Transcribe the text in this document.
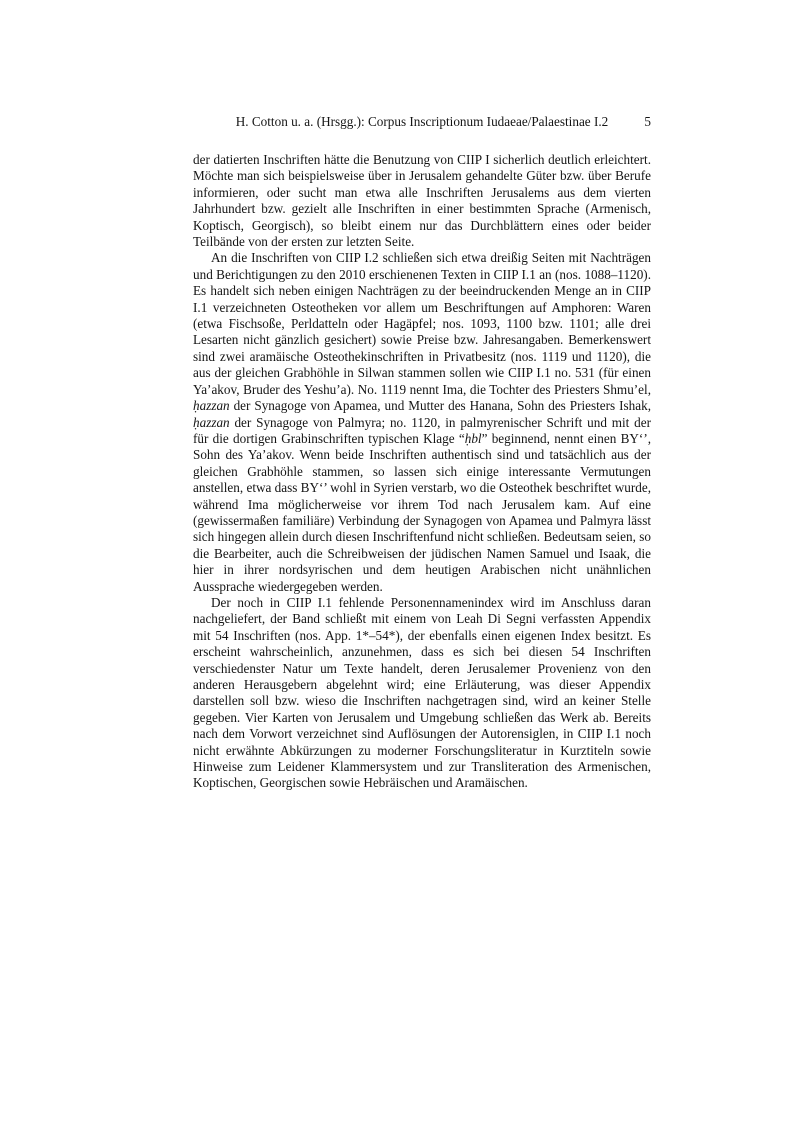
H. Cotton u. a. (Hrsgg.): Corpus Inscriptionum Iudaeae/Palaestinae I.2	5

der datierten Inschriften hätte die Benutzung von CIIP I sicherlich deutlich erleichtert. Möchte man sich beispielsweise über in Jerusalem gehandelte Güter bzw. über Berufe informieren, oder sucht man etwa alle Inschriften Jerusalems aus dem vierten Jahrhundert bzw. gezielt alle Inschriften in einer bestimmten Sprache (Armenisch, Koptisch, Georgisch), so bleibt einem nur das Durchblättern eines oder beider Teilbände von der ersten zur letzten Seite.

An die Inschriften von CIIP I.2 schließen sich etwa dreißig Seiten mit Nachträgen und Berichtigungen zu den 2010 erschienenen Texten in CIIP I.1 an (nos. 1088–1120). Es handelt sich neben einigen Nachträgen zu der beeindruckenden Menge an in CIIP I.1 verzeichneten Osteotheken vor allem um Beschriftungen auf Amphoren: Waren (etwa Fischsoße, Perldatteln oder Hagäpfel; nos. 1093, 1100 bzw. 1101; alle drei Lesarten nicht gänzlich gesichert) sowie Preise bzw. Jahresangaben. Bemerkenswert sind zwei aramäische Osteothekinschriften in Privatbesitz (nos. 1119 und 1120), die aus der gleichen Grabhöhle in Silwan stammen sollen wie CIIP I.1 no. 531 (für einen Ya’akov, Bruder des Yeshu’a). No. 1119 nennt Ima, die Tochter des Priesters Shmu’el, ḥazzan der Synagoge von Apamea, und Mutter des Hanana, Sohn des Priesters Ishak, ḥazzan der Synagoge von Palmyra; no. 1120, in palmyrenischer Schrift und mit der für die dortigen Grabinschriften typischen Klage “ḥbl” beginnend, nennt einen BY‘’, Sohn des Ya’akov. Wenn beide Inschriften authentisch sind und tatsächlich aus der gleichen Grabhöhle stammen, so lassen sich einige interessante Vermutungen anstellen, etwa dass BY‘’ wohl in Syrien verstarb, wo die Osteothek beschriftet wurde, während Ima möglicherweise vor ihrem Tod nach Jerusalem kam. Auf eine (gewissermaßen familiäre) Verbindung der Synagogen von Apamea und Palmyra lässt sich hingegen allein durch diesen Inschriftenfund nicht schließen. Bedeutsam seien, so die Bearbeiter, auch die Schreibweisen der jüdischen Namen Samuel und Isaak, die hier in ihrer nordsyrischen und dem heutigen Arabischen nicht unähnlichen Aussprache wiedergegeben werden.

Der noch in CIIP I.1 fehlende Personennamenindex wird im Anschluss daran nachgeliefert, der Band schließt mit einem von Leah Di Segni verfassten Appendix mit 54 Inschriften (nos. App. 1*–54*), der ebenfalls einen eigenen Index besitzt. Es erscheint wahrscheinlich, anzunehmen, dass es sich bei diesen 54 Inschriften verschiedenster Natur um Texte handelt, deren Jerusalemer Provenienz von den anderen Herausgebern abgelehnt wird; eine Erläuterung, was dieser Appendix darstellen soll bzw. wieso die Inschriften nachgetragen sind, wird an keiner Stelle gegeben. Vier Karten von Jerusalem und Umgebung schließen das Werk ab. Bereits nach dem Vorwort verzeichnet sind Auflösungen der Autorensiglen, in CIIP I.1 noch nicht erwähnte Abkürzungen zu moderner Forschungsliteratur in Kurztiteln sowie Hinweise zum Leidener Klammersystem und zur Transliteration des Armenischen, Koptischen, Georgischen sowie Hebräischen und Aramäischen.
